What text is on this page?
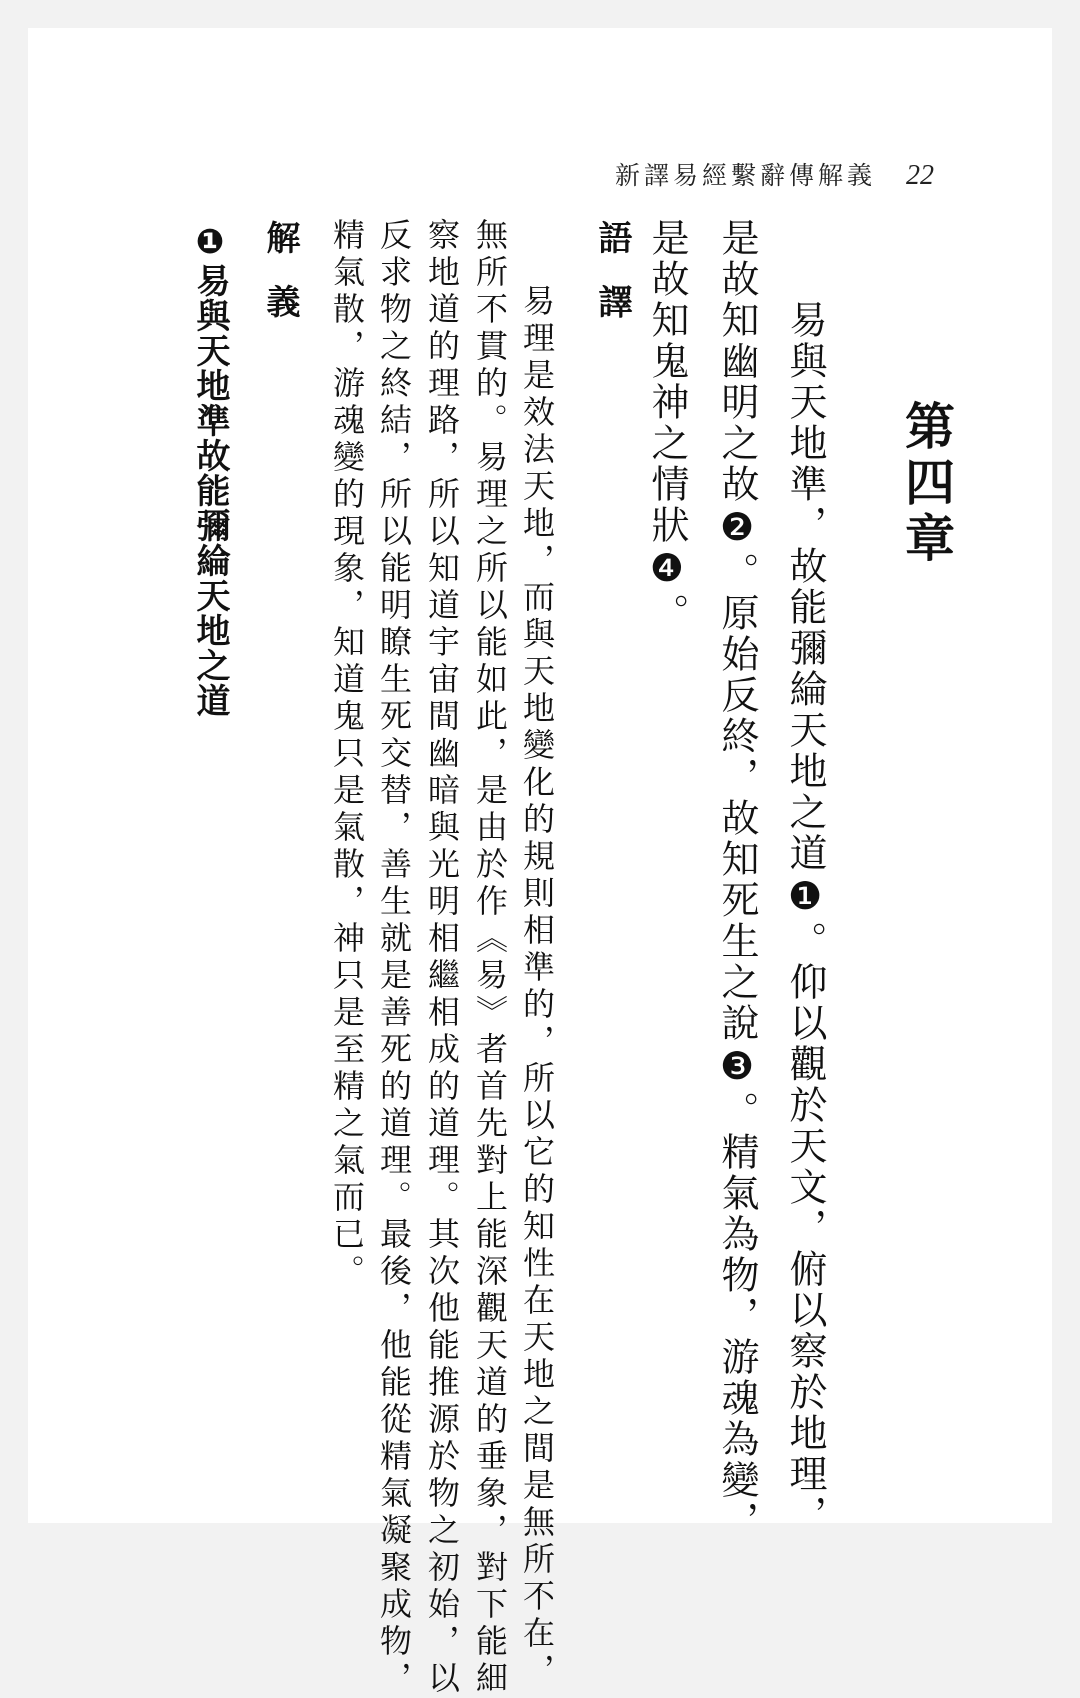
新譯易經繫辭傳解義 22
第四章
易與天地準，故能彌綸天地之道❶。仰以觀於天文，俯以察於地理，
是故知幽明之故❷。原始反終，故知死生之說❸。精氣為物，游魂為變，
是故知鬼神之情狀❹。
語譯
易理是效法天地，而與天地變化的規則相準的，所以它的知性在天地之間是無所不在，
無所不貫的。易理之所以能如此，是由於作《易》者首先對上能深觀天道的垂象，對下能細
察地道的理路，所以知道宇宙間幽暗與光明相繼相成的道理。其次他能推源於物之初始，以
反求物之終結，所以能明瞭生死交替，善生就是善死的道理。最後，他能從精氣凝聚成物，
精氣散，游魂變的現象，知道鬼只是氣散，神只是至精之氣而已。
解義
❶易與天地準故能彌綸天地之道
